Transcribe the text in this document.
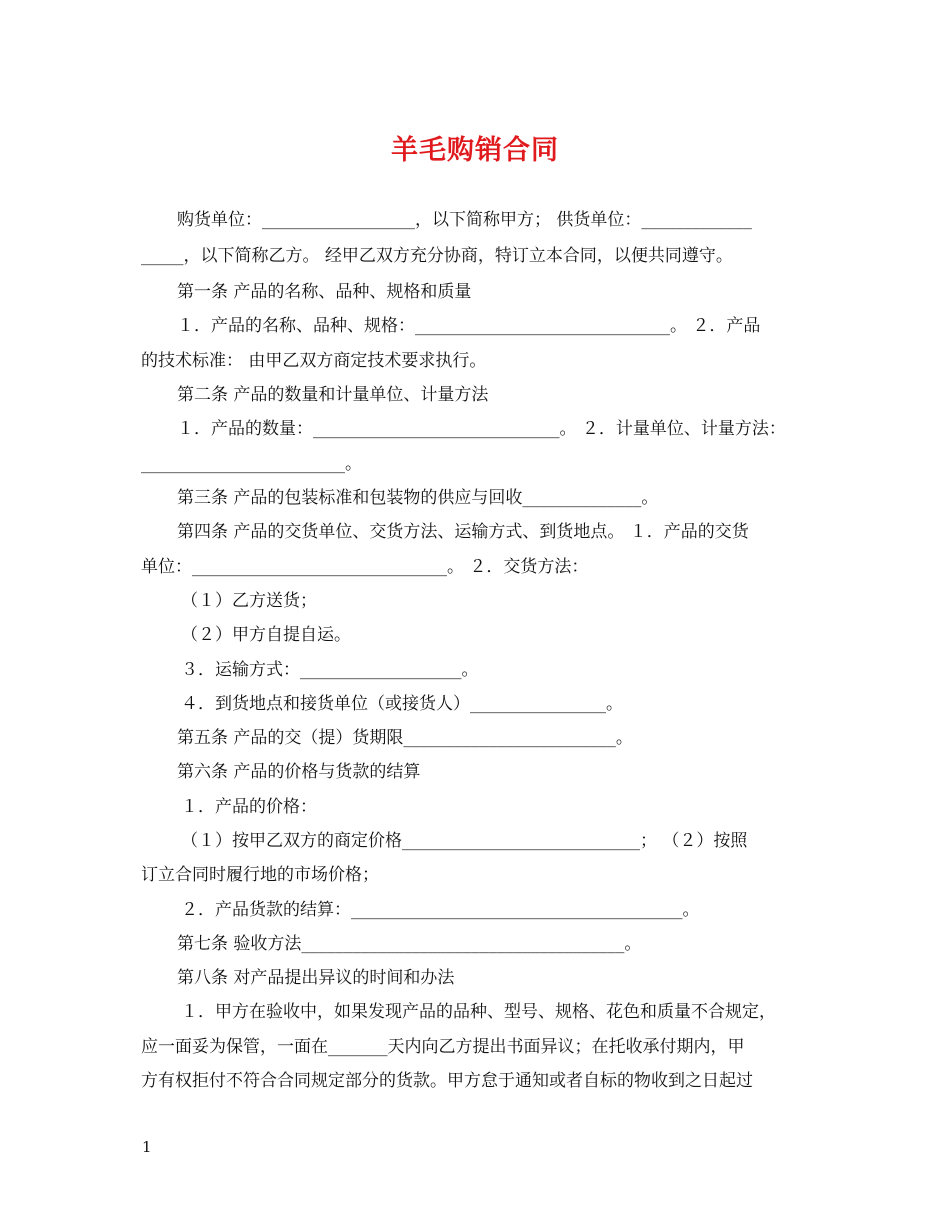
羊毛购销合同
购货单位：__________________，以下简称甲方； 供货单位：_____________
_____，以下简称乙方。 经甲乙双方充分协商，特订立本合同，以便共同遵守。
第一条 产品的名称、品种、规格和质量
１．产品的名称、品种、规格：______________________________。 ２．产品
的技术标准： 由甲乙双方商定技术要求执行。
第二条 产品的数量和计量单位、计量方法
１．产品的数量：_____________________________。 ２．计量单位、计量方法：
________________________。
第三条 产品的包装标准和包装物的供应与回收______________。
第四条 产品的交货单位、交货方法、运输方式、到货地点。 １．产品的交货
单位：______________________________。 ２．交货方法：
（１）乙方送货；
（２）甲方自提自运。
３．运输方式：___________________。
４．到货地点和接货单位（或接货人）________________。
第五条 产品的交（提）货期限_________________________。
第六条 产品的价格与货款的结算
１．产品的价格：
（１）按甲乙双方的商定价格____________________________； （２）按照
订立合同时履行地的市场价格；
２．产品货款的结算：_______________________________________。
第七条 验收方法______________________________________。
第八条 对产品提出异议的时间和办法
１．甲方在验收中，如果发现产品的品种、型号、规格、花色和质量不合规定，
应一面妥为保管，一面在_______天内向乙方提出书面异议；在托收承付期内，甲
方有权拒付不符合合同规定部分的货款。甲方怠于通知或者自标的物收到之日起过
1
